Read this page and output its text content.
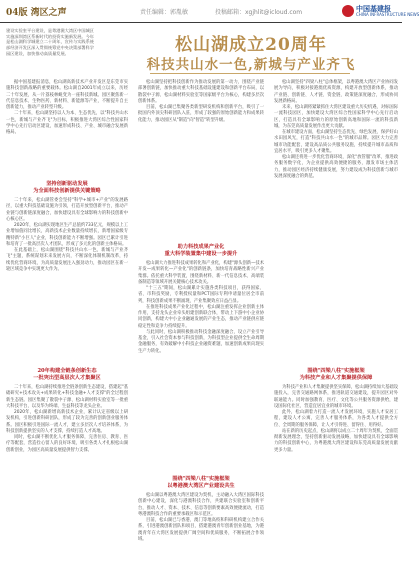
04版 湾区之声	责任编辑：郭胤敏	投稿邮箱：xgjhlit@icloud.com	中国基建报
CHINA INFRASTRUCTURE NEWS
建设实验室平台建设，是粤港澳大湾区中国城区实施深圳湾区系新时代的投资实施新发展。今年是松山湖科学城建立二十周年，宣传与实践系统部经济开发区深入贯彻统筹党中央决策部署科学园区建设，加快推动高质量发展。	松山湖成立20周年
科技共山水一色,新城与产业齐飞

据中国基建报消息，松山湖高新技术产业开发区是东莞市实施科技创新战略的重要载体。松山湖自2001年成立以来，历经二十年发展，从一片荔枝林蜕变为一座科技新城。园区聚焦新一代信息技术、生物医药、新材料、新能源等产业，不断提升自主创新能力，推动产业转型升级。

二十年来，松山湖坚持以人为本、生态优先，以"科技共山水一色，新城与产业齐飞"为目标，积极推进大湾区综合性国家科学中心先行启动区建设，加速形成科技、产业、城市融合发展新格局。

坚持创新驱动发展
为全面科技创新提供关键策略

二十年来，松山湖管委会坚持"科学+城市+产业"的发展路径，以重大科技基础设施为引领，打造开放型创新平台，推动产业链与创新链深度融合，加快建设具有全球影响力的科技创新中心核心区。

2020年，松山湖实现地区生产总值约733亿元，规模以上工业增加值同比增长，高新技术企业数量持续增长，新增国家级专精特新"小巨人"企业，科技创新能力不断增强。园区已累计引进和培育了一批高层次人才团队，形成了多元化的创新主体格局。

在此基础上，松山湖围绕"科技共山水一色，新城与产业齐飞"主题，系统谋划未来发展方向，不断深化体制机制改革，持续优化营商环境，为高质量发展注入强劲动力，推动园区在新一轮区域竞争中实现更大作为。

20年构建全链条创新生态
一批突出型高层次人才集聚区

二十年来，松山湖持续推进全链条创新生态建设，搭建起"基础研究+技术攻关+成果转化+科技金融+人才支撑"的全过程创新生态链。园区集聚了散裂中子源、松山湖材料实验室等一批重大科技平台，以及华为终端、生益科技等龙头企业。

2020年，松山湖新增高新技术企业，累计认定省级以上研发机构，引进创新科研团队，形成了较为完善的创新创业服务体系。园区积极引进国际一流人才，建立多层次人才培养体系，为科技创新提供坚实的人才支撑，持续打造人才高地。

同时，松山湖不断优化人才服务保障，完善住房、教育、医疗等配套，营造拴心留人的良好环境，吸引各类人才扎根松山湖创新创业，为园区高质量发展提供智力支撑。

松山湖坚持把科技创新作为推动发展的第一动力，围绕产业链部署创新链，加快推动重大科技基础设施建设和创新平台布局，以散裂中子源、松山湖材料实验室等国家级平台为核心，构建多层次创新体系。

目前，松山湖已集聚各类新型研发机构和创新平台，吸引了一批国内外顶尖科研团队入驻，形成了较强的原始创新能力和成果转化能力，推动园区从"制造"向"智造"转型升级。

助力科技成果产业化
重大科学装置集中建设一步提升

松山湖大力推进科技成果转化和产业化，构建"源头创新—技术开发—成果转化—产业化"的创新链条，加快培育战略性新兴产业集群。依托重大科学装置，围绕新材料、新一代信息技术、高端装备制造等领域开展关键核心技术攻关。

"十三五"期间，松山湖累计实施各类科技项目，获得国家、省、市科技奖励，专利授权量和PCT国际专利申请量位居全市前列，科技创新成果不断涌现，产业集聚效应日益凸显。

在推进科技成果产业化过程中，松山湖注重发挥企业创新主体作用，支持龙头企业牵头组建创新联合体，带动上下游中小企业协同创新，构建大中小企业融通发展的产业生态，推动产业链供应链稳定性和竞争力持续提升。

与此同时，松山湖积极推动科技金融深度融合，设立产业引导基金，引入社会资本参与科技创新，为科技型企业提供全生命周期金融服务，有效破解中小科技企业融资难题，加速创新成果向现实生产力转化。

围绕"四梁八柱"实施框架
以粤港澳大湾区产业建设共生

松山湖以粤港澳大湾区建设为契机，主动融入大湾区国际科技创新中心建设，深化与港澳科技合作，共建联合实验室和创新平台，推动人才、资本、技术、信息等创新要素高效便捷流动，打造粤港澳科技合作的重要承载区和示范区。

目前，松山湖已与香港、澳门等地高校和科研机构建立合作关系，引进港澳创新团队和项目，搭建港澳青年创新创业基地，为港澳青年在大湾区发展提供广阔空间和优质服务，不断拓展合作领域。

松山湖坚持"四梁八柱"总体框架，以粤港澳大湾区产业协同发展为导向，积极对接港澳优质资源，构建开放型创新体系，推动产业链、创新链、人才链、资金链、政策链深度融合，形成协同发展新格局。

未来，松山湖将紧紧抓住大湾区建设重大历史机遇，对标国际一流科技园区，加快建设大湾区综合性国家科学中心先行启动区，打造具有全球影响力的原始创新高地和国际一流的科技新城，为东莞高质量发展作出更大贡献。

在城市建设方面，松山湖坚持生态优先、绿色发展，保护好山水田园风光，打造"科技共山水一色"的城市品牌。园区大力完善城市功能配套，建设高品质公共服务设施，持续提升城市品质和宜居水平，吸引更多人才聚集。

松山湖还将进一步优化营商环境，深化"放管服"改革，推进政务服务数字化，为企业提供高效便捷的服务，激发市场主体活力，推动园区经济持续健康发展，努力建设成为科技创新与城市发展深度融合的典范。

围绕"四梁八柱"实施框架
为科技产业和人才集聚提供保障

为科技产业和人才集聚提供坚实保障，松山湖持续加大基础设施投入，完善交通路网体系，推进轨道交通建设，提升园区对外联通能力。同时加强教育、医疗、文化等公共服务资源供给，建设国际化社区，营造宜居宜业的城市环境。

此外，松山湖着力打造一流人才发展环境，实施人才安居工程，建设人才公寓，完善人才服务体系，为各类人才提供全方位、全周期的服务保障，让人才引得进、留得住、用得好。

站在新的历史起点，松山湖将以成立二十周年为契机，全面贯彻新发展理念，坚持创新驱动发展战略，加快建设具有全球影响力的科技创新中心，为粤港澳大湾区建设和东莞高质量发展贡献更多力量。
